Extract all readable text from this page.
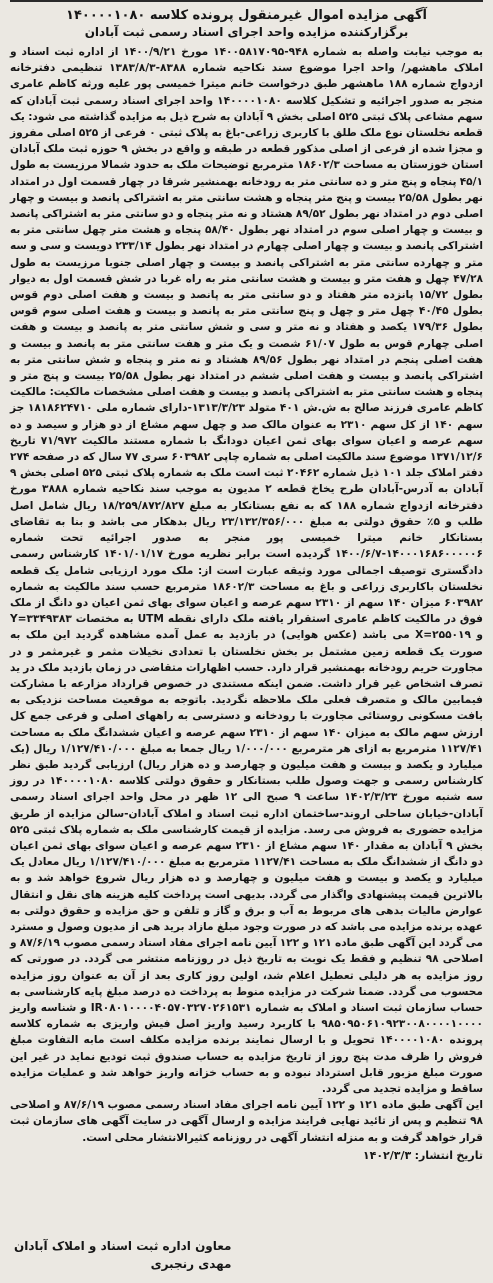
آگهی مزایده اموال غیرمنقول پرونده کلاسه ۱۴۰۰۰۰۱۰۸۰
برگزارکننده مزایده واحد اجرای اسناد رسمی ثبت آبادان

به موجب نیابت واصله به شماره ۹۴۸-۱۴۰۰۵۸۱۷۰۹۵ مورخ ۱۴۰۰/۹/۲۱ از اداره ثبت اسناد و املاک ماهشهر/ واحد اجرا موضوع سند نکاحیه شماره ۸۳۸۸-۱۳۸۳/۸/۳ تنظیمی دفترخانه ازدواج شماره ۱۸۸ ماهشهر طبق درخواست خانم میترا خمیسی پور علیه ورثه کاظم عامری منجر به صدور اجرائیه و تشکیل کلاسه ۱۴۰۰۰۰۱۰۸۰ واحد اجرای اسناد رسمی ثبت آبادان که سهم مشاعی پلاک ثبتی ۵۲۵ اصلی بخش ۹ آبادان به شرح ذیل به مزایده گذاشته می شود: یک قطعه نخلستان نوع ملک طلق با کاربری زراعی-باغ به پلاک ثبتی ۰ فرعی از ۵۲۵ اصلی مفروز و مجزا شده از فرعی از اصلی مذکور قطعه در طبقه و واقع در بخش ۹ حوزه ثبت ملک آبادان استان خوزستان به مساحت ۱۸۶۰۲/۳ مترمربع توضیحات ملک به حدود شمالا مرزیست به طول ۴۵/۱ پنجاه و پنج متر و ده سانتی متر به رودخانه بهمنشیر شرقا در چهار قسمت اول در امتداد نهر بطول ۲۵/۵۸ بیست و پنج متر پنجاه و هشت سانتی متر به اشتراکی پانصد و بیست و چهار اصلی دوم در امتداد نهر بطول ۸۹/۵۲ هشتاد و نه متر پنجاه و دو سانتی متر به اشتراکی پانصد و بیست و چهار اصلی سوم در امتداد نهر بطول ۵۸/۴۰ پنجاه و هشت متر چهل سانتی متر به اشتراکی پانصد و بیست و چهار اصلی چهارم در امتداد نهر بطول ۲۳۳/۱۴ دویست و سی و سه متر و چهارده سانتی متر به اشتراکی پانصد و بیست و چهار اصلی جنوبا مرزیست به طول ۴۷/۲۸ چهل و هفت متر و بیست و هشت سانتی متر به راه غربا در شش قسمت اول به دیوار بطول ۱۵/۷۲ پانزده متر هفتاد و دو سانتی متر به پانصد و بیست و هفت اصلی دوم قوس بطول ۴۰/۴۵ چهل متر و چهل و پنج سانتی متر به پانصد و بیست و هفت اصلی سوم قوس بطول ۱۷۹/۳۶ یکصد و هفتاد و نه متر و سی و شش سانتی متر به پانصد و بیست و هفت اصلی چهارم قوس به طول ۶۱/۰۷ شصت و یک متر و هفت سانتی متر به پانصد و بیست و هفت اصلی پنجم در امتداد نهر بطول ۸۹/۵۶ هشتاد و نه متر و پنجاه و شش سانتی متر به اشتراکی پانصد و بیست و هفت اصلی ششم در امتداد نهر بطول ۲۵/۵۸ بیست و پنج متر و پنجاه و هشت سانتی متر به اشتراکی پانصد و بیست و هفت اصلی مشخصات مالکیت: مالکیت کاظم عامری فرزند صالح به ش.ش ۴۰۱ متولد ۱۳۱۳/۳/۲۳-دارای شماره ملی ۱۸۱۸۶۲۴۷۱۰ جز سهم ۱۴۰ از کل سهم ۲۳۱۰ به عنوان مالک صد و چهل سهم مشاع از دو هزار و سیصد و ده سهم عرصه و اعیان سوای بهای ثمن اعیان دودانگ با شماره مستند مالکیت ۷۱/۹۷۲ تاریخ ۱۳۷۱/۱۲/۶ موضوع سند مالکیت اصلی به شماره چاپی ۶۰۳۹۸۲ سری ۷۷ سال که در صفحه ۲۷۴ دفتر املاک جلد ۱۰۱ ذیل شماره ۲۰۴۶۲ ثبت است ملک به شماره پلاک ثبتی ۵۲۵ اصلی بخش ۹ آبادان به آدرس-آبادان طرح یخاخ قطعه ۲ مدیون به موجب سند نکاحیه شماره ۳۸۸۸ مورخ دفترخانه ازدواج شماره ۱۸۸ که به نفع بستانکار به مبلغ ۱۸/۲۵۹/۸۷۲/۸۲۷ ریال شامل اصل طلب و ۵٪ حقوق دولتی به مبلغ ۲۳/۱۳۲/۳۵۶/۰۰۰ ریال بدهکار می باشد و بنا به تقاضای بستانکار خانم میترا خمیسی پور منجر به صدور اجرائیه تحت شماره ۱۴۰۰۰۱۶۸۶۰۰۰۰۰۶-۱۴۰۰/۶/۷ گردیده است برابر نظریه مورخ ۱۴۰۱/۰۱/۱۷ کارشناس رسمی دادگستری توصیف اجمالی مورد وثیقه عبارت است از: ملک مورد ارزیابی شامل یک قطعه نخلستان باکاربری زراعی و باغ به مساحت ۱۸۶۰۲/۳ مترمربع حسب سند مالکیت به شماره ۶۰۳۹۸۲ میزان ۱۴۰ سهم از ۲۳۱۰ سهم عرصه و اعیان سوای بهای ثمن اعیان دو دانگ از ملک فوق در مالکیت کاظم عامری استقرار یافته ملک دارای نقطه UTM به مختصات Y=۳۳۴۹۳۸۳ و X=۲۵۵۰۱۹ می باشد (عکس هوایی) در بازدید به عمل آمده مشاهده گردید این ملک به صورت یک قطعه زمین مشتمل بر بخش نخلستان با تعدادی نخیلات مثمر و غیرمثمر و در مجاورت حریم رودخانه بهمنشیر قرار دارد. حسب اظهارات متقاضی در زمان بازدید ملک در ید تصرف اشخاص غیر قرار داشت. ضمن اینکه مستندی در خصوص قرارداد مزارعه با مشارکت فیمابین مالک و متصرف فعلی ملک ملاحظه نگردید. باتوجه به موقعیت مساحت نزدیکی به بافت مسکونی روستائی مجاورت با رودخانه و دسترسی به راههای اصلی و فرعی جمع کل ارزش سهم مالک به میزان ۱۴۰ سهم از ۲۳۱۰ سهم عرصه و اعیان ششدانگ ملک به مساحت ۱۱۲۷/۴۱ مترمربع به ازای هر مترمربع ۱/۰۰۰/۰۰۰ ریال جمعا به مبلغ ۱/۱۲۷/۴۱۰/۰۰۰ ریال (یک میلیارد و یکصد و بیست و هفت میلیون و چهارصد و ده هزار ریال) ارزیابی گردید طبق نظر کارشناس رسمی و جهت وصول طلب بستانکار و حقوق دولتی کلاسه ۱۴۰۰۰۰۱۰۸۰ در روز سه شنبه مورخ ۱۴۰۲/۳/۲۳ ساعت ۹ صبح الی ۱۲ ظهر در محل واحد اجرای اسناد رسمی آبادان-خیابان ساحلی اروند-ساختمان اداره ثبت اسناد و املاک آبادان-سالن مزایده از طریق مزایده حضوری به فروش می رسد. مزایده از قیمت کارشناسی ملک به شماره پلاک ثبتی ۵۲۵ بخش ۹ آبادان به مقدار ۱۴۰ سهم مشاع از ۲۳۱۰ سهم عرصه و اعیان سوای بهای ثمن اعیان دو دانگ از ششدانگ ملک به مساحت ۱۱۲۷/۴۱ مترمربع به مبلغ ۱/۱۲۷/۴۱۰/۰۰۰ ریال معادل یک میلیارد و یکصد و بیست و هفت میلیون و چهارصد و ده هزار ریال شروع خواهد شد و به بالاترین قیمت پیشنهادی واگذار می گردد. بدیهی است پرداخت کلیه هزینه های نقل و انتقال عوارض مالیات بدهی های مربوط به آب و برق و گاز و تلفن و حق مزایده و حقوق دولتی به عهده برنده مزایده می باشد که در صورت وجود مبلغ مازاد برید هی از مدیون وصول و مسترد می گردد این آگهی طبق ماده ۱۲۱ و ۱۲۲ آیین نامه اجرای مفاد اسناد رسمی مصوب ۸۷/۶/۱۹ و اصلاحی ۹۸ تنظیم و فقط یک نوبت به تاریخ ذیل در روزنامه منتشر می گردد. در صورتی که روز مزایده به هر دلیلی تعطیل اعلام شد، اولین روز کاری بعد از آن به عنوان روز مزایده محسوب می گردد. ضمنا شرکت در مزایده منوط به پرداخت ده درصد مبلغ پایه کارشناسی به حساب سازمان ثبت اسناد و املاک به شماره IR۰۸۰۱۰۰۰۰۴۰۵۷۰۳۲۷۰۲۶۱۵۳۱ و شناسه واریز ۹۸۵۰۹۵۰۶۱۰۹۲۳۰۰۸۰۰۰۰۱۰۰۰۰ با کاربرد رسید واریز اصل فیش واریزی به شماره کلاسه پرونده ۱۴۰۰۰۰۱۰۸۰ تحویل و با ارسال نمایند برنده مزایده مکلف است مابه التفاوت مبلغ فروش را ظرف مدت پنج روز از تاریخ مزایده به حساب صندوق ثبت تودیع نماید در غیر این صورت مبلغ مزبور قابل استرداد نبوده و به حساب خزانه واریز خواهد شد و عملیات مزایده ساقط و مزایده تجدید می گردد.

این آگهی طبق ماده ۱۲۱ و ۱۲۲ آیین نامه اجرای مفاد اسناد رسمی مصوب ۸۷/۶/۱۹ و اصلاحی ۹۸ تنظیم و پس از تائید نهایی فرایند مزایده و ارسال آگهی در سایت آگهی های سازمان ثبت قرار خواهد گرفت و به منزله انتشار آگهی در روزنامه کثیرالانتشار محلی است.

تاریخ انتشار: ۱۴۰۲/۳/۳
معاون اداره ثبت اسناد و املاک آبادان
مهدی رنجبری
